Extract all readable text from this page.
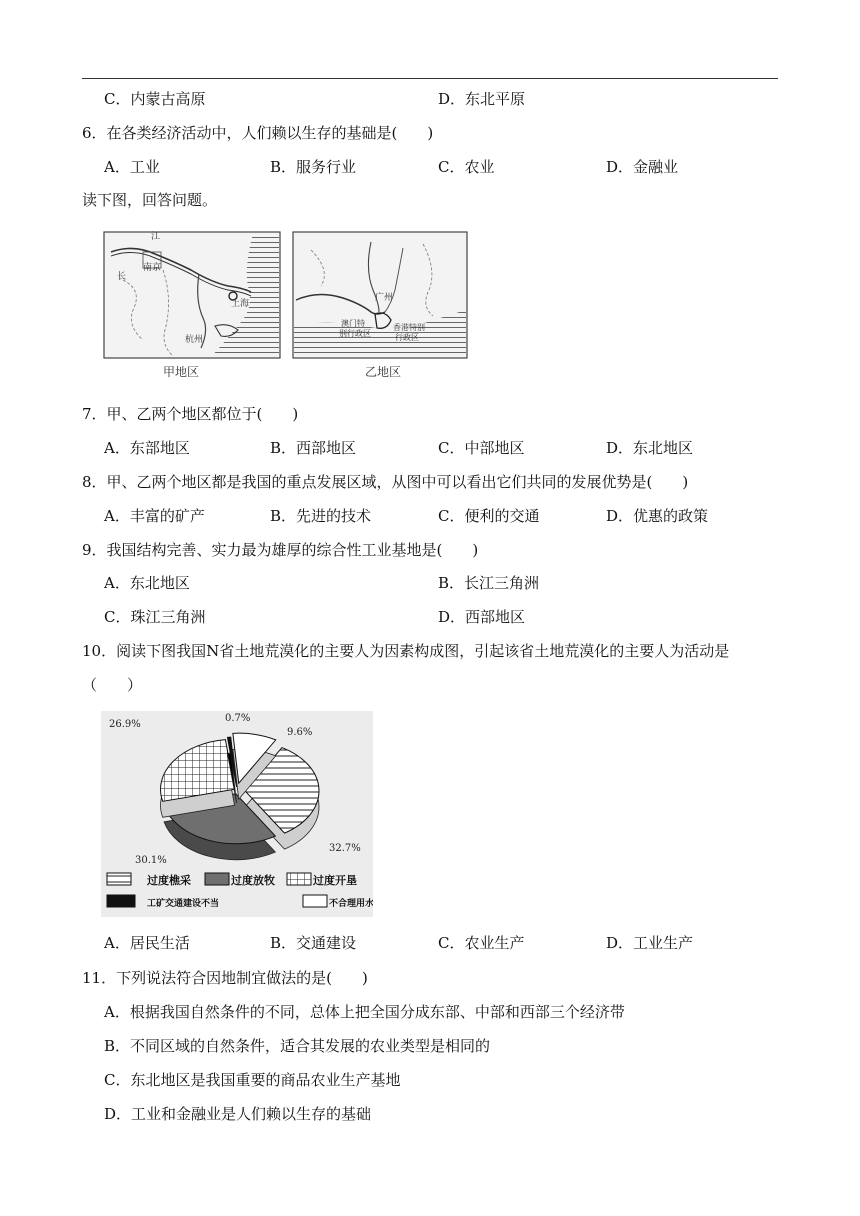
C．内蒙古高原	D．东北平原
6．在各类经济活动中，人们赖以生存的基础是(　　)
A．工业	B．服务行业	C．农业	D．金融业
读下图，回答问题。
江
长
南京
上海
杭州
甲地区
广州
澳门特别行政区
香港特别行政区
乙地区
7．甲、乙两个地区都位于(　　)
A．东部地区	B．西部地区	C．中部地区	D．东北地区
8．甲、乙两个地区都是我国的重点发展区域，从图中可以看出它们共同的发展优势是(　　)
A．丰富的矿产	B．先进的技术	C．便利的交通	D．优惠的政策
9．我国结构完善、实力最为雄厚的综合性工业基地是(　　)
A．东北地区	B．长江三角洲
C．珠江三角洲	D．西部地区
10．阅读下图我国N省土地荒漠化的主要人为因素构成图，引起该省土地荒漠化的主要人为活动是
（　　）
32.7%
30.1%
26.9%
0.7%
9.6%
过度樵采	过度放牧	过度开垦
工矿交通建设不当	不合理用水
A．居民生活	B．交通建设	C．农业生产	D．工业生产
11．下列说法符合因地制宜做法的是(　　)
A．根据我国自然条件的不同，总体上把全国分成东部、中部和西部三个经济带
B．不同区域的自然条件，适合其发展的农业类型是相同的
C．东北地区是我国重要的商品农业生产基地
D．工业和金融业是人们赖以生存的基础
